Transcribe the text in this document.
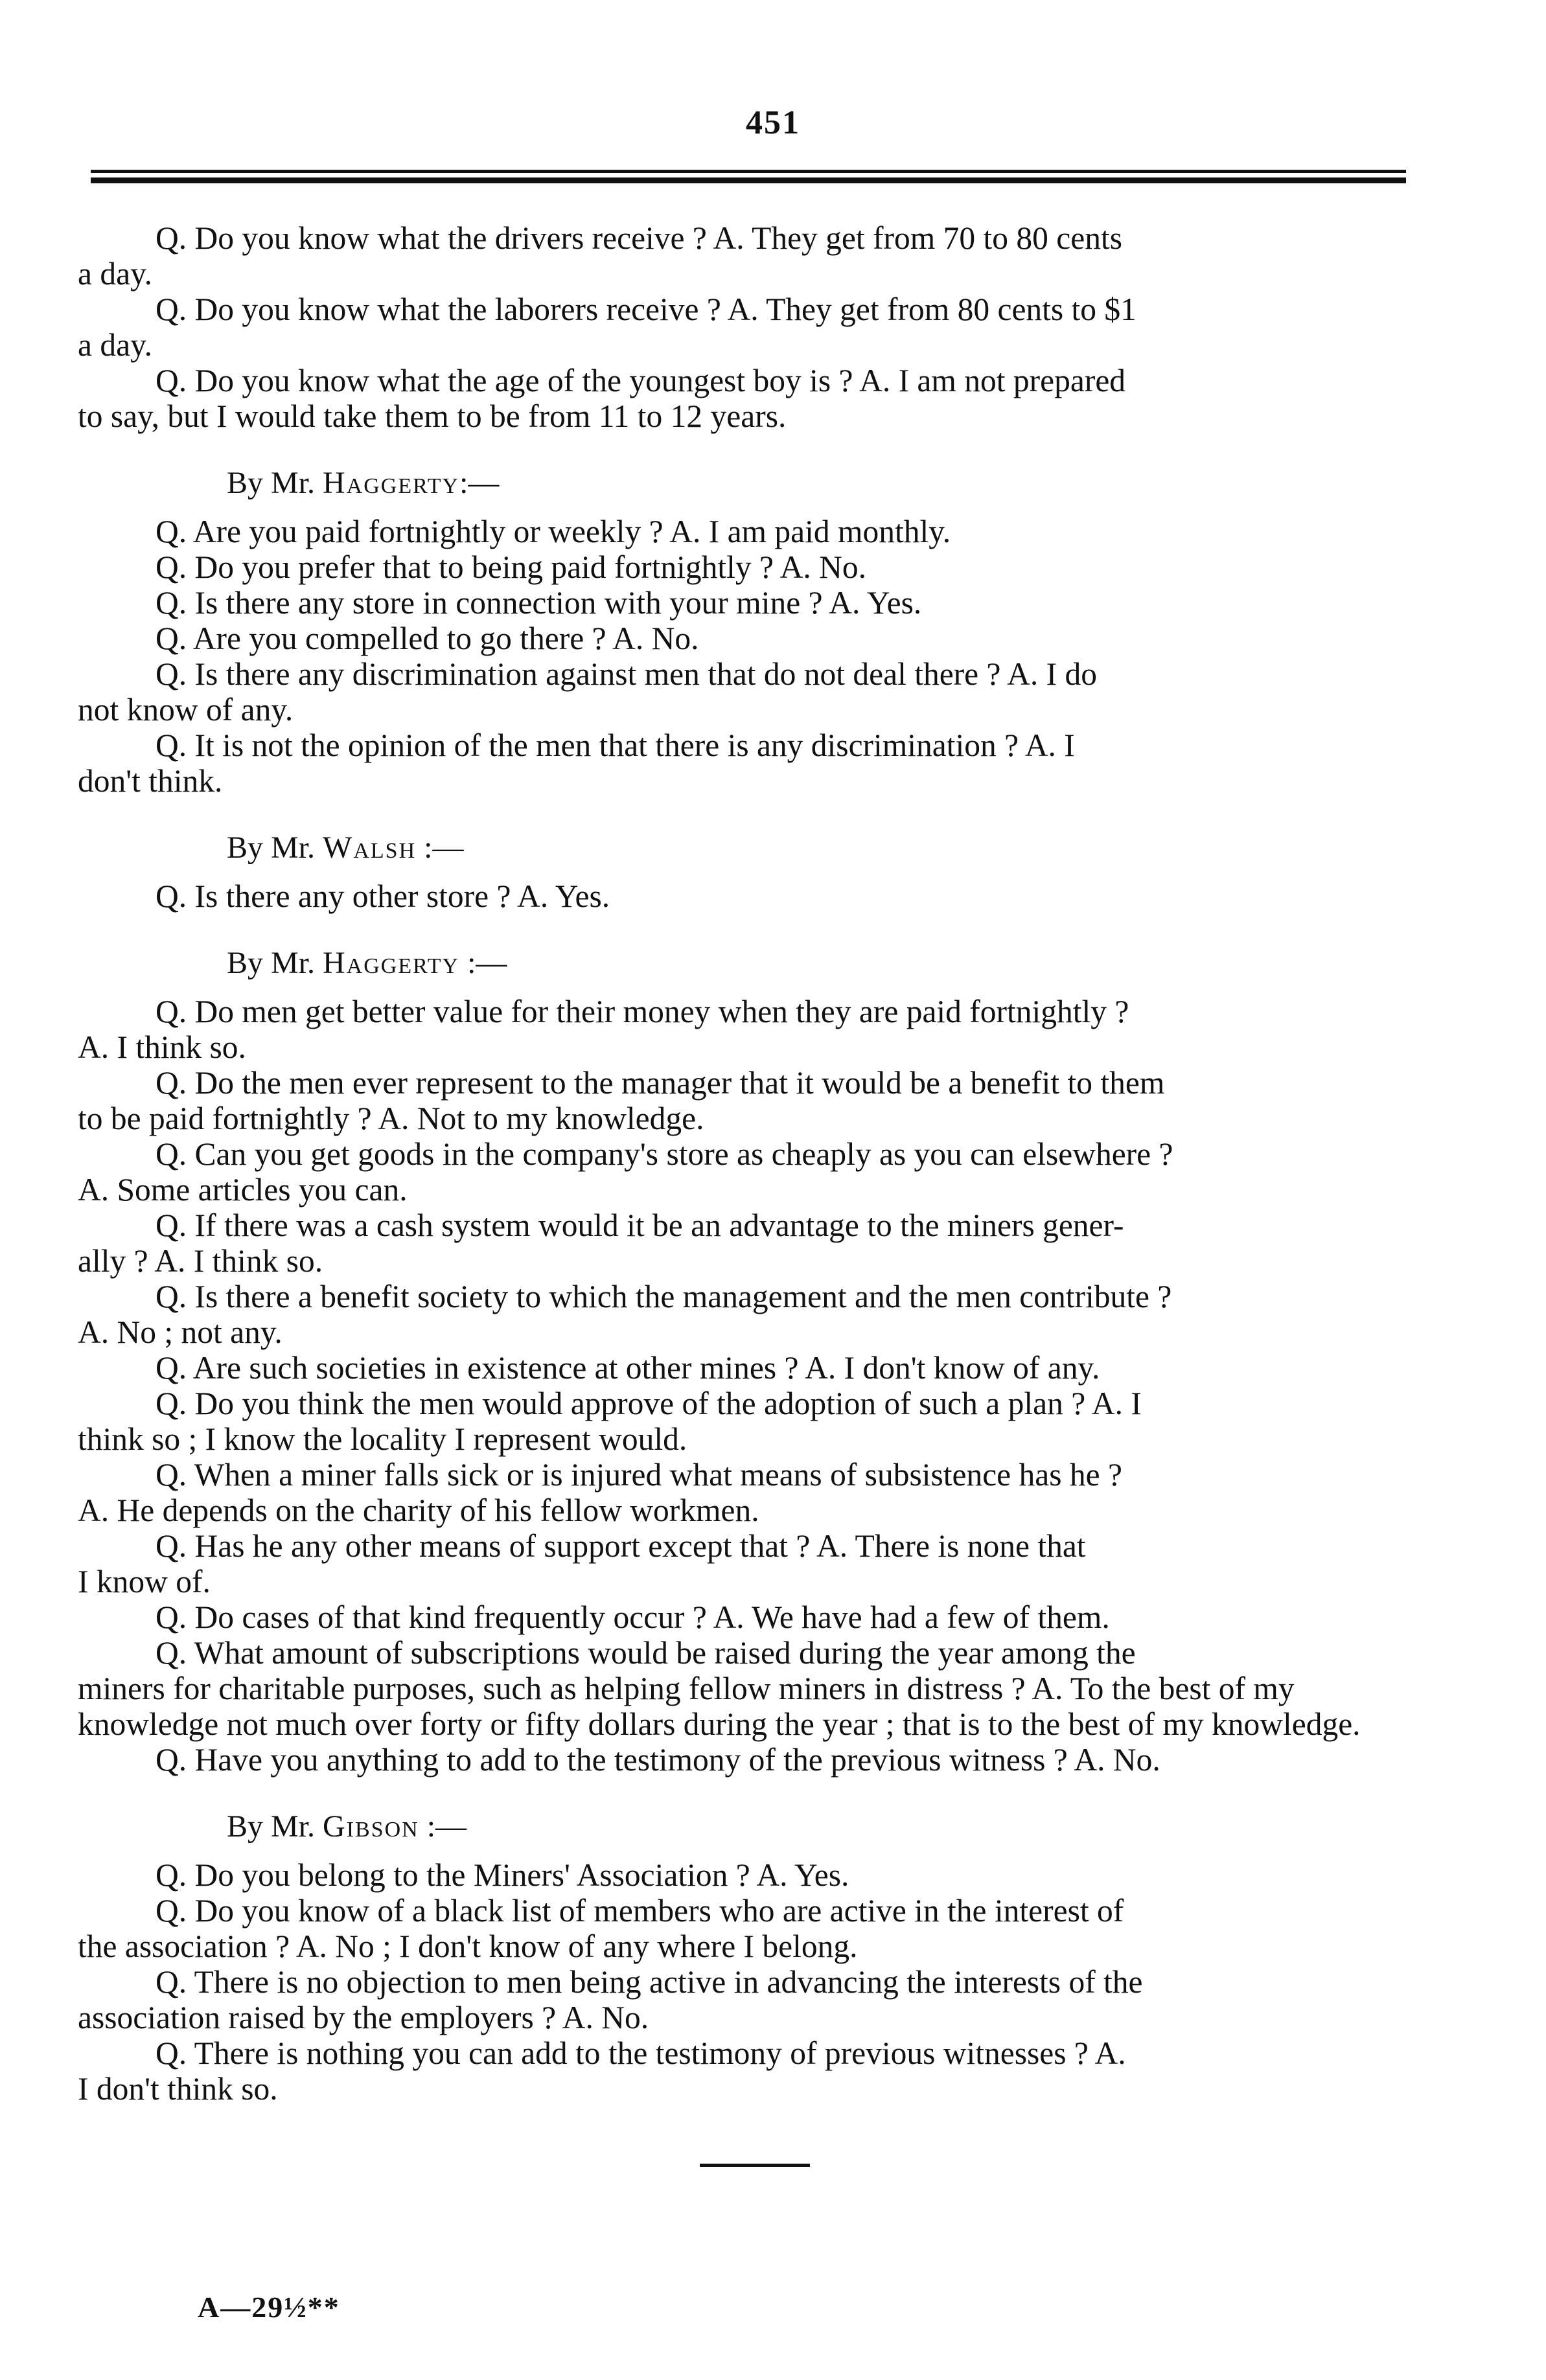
451
Q. Do you know what the drivers receive ? A. They get from 70 to 80 cents
a day.
Q. Do you know what the laborers receive ? A. They get from 80 cents to $1
a day.
Q. Do you know what the age of the youngest boy is ? A. I am not prepared
to say, but I would take them to be from 11 to 12 years.

By Mr. Haggerty:—

Q. Are you paid fortnightly or weekly ? A. I am paid monthly.
Q. Do you prefer that to being paid fortnightly ? A. No.
Q. Is there any store in connection with your mine ? A. Yes.
Q. Are you compelled to go there ? A. No.
Q. Is there any discrimination against men that do not deal there ? A. I do
not know of any.
Q. It is not the opinion of the men that there is any discrimination ? A. I
don't think.

By Mr. Walsh :—

Q. Is there any other store ? A. Yes.

By Mr. Haggerty :—

Q. Do men get better value for their money when they are paid fortnightly ?
A. I think so.
Q. Do the men ever represent to the manager that it would be a benefit to them
to be paid fortnightly ? A. Not to my knowledge.
Q. Can you get goods in the company's store as cheaply as you can elsewhere ?
A. Some articles you can.
Q. If there was a cash system would it be an advantage to the miners gener-
ally ? A. I think so.
Q. Is there a benefit society to which the management and the men contribute ?
A. No ; not any.
Q. Are such societies in existence at other mines ? A. I don't know of any.
Q. Do you think the men would approve of the adoption of such a plan ? A. I
think so ; I know the locality I represent would.
Q. When a miner falls sick or is injured what means of subsistence has he ?
A. He depends on the charity of his fellow workmen.
Q. Has he any other means of support except that ? A. There is none that
I know of.
Q. Do cases of that kind frequently occur ? A. We have had a few of them.
Q. What amount of subscriptions would be raised during the year among the
miners for charitable purposes, such as helping fellow miners in distress ? A. To the best of my knowledge not much over forty or fifty dollars during the year ; that is to the best of my knowledge.
Q. Have you anything to add to the testimony of the previous witness ? A. No.

By Mr. Gibson :—

Q. Do you belong to the Miners' Association ? A. Yes.
Q. Do you know of a black list of members who are active in the interest of
the association ? A. No ; I don't know of any where I belong.
Q. There is no objection to men being active in advancing the interests of the
association raised by the employers ? A. No.
Q. There is nothing you can add to the testimony of previous witnesses ? A.
I don't think so.
A—29½**
